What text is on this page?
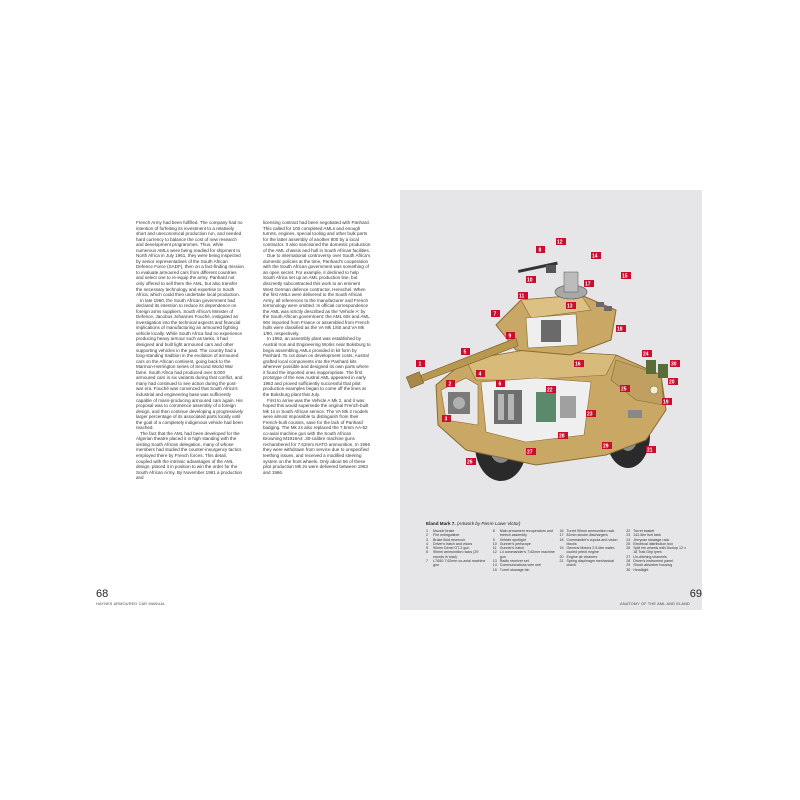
French Army had been fulfilled. The company had no intention of forfeiting its investment to a relatively short and uneconomical production run, and needed hard currency to balance the cost of new research and development programmes. Thus, while numerous AMLs were being readied for shipment to North Africa in July 1961, they were being inspected by senior representatives of the South African Defence Force (SADF), then on a fact-finding mission to evaluate armoured cars from different countries and select one to re-equip the army. Panhard not only offered to sell them the AML, but also transfer the necessary technology and expertise to South Africa, which could then undertake local production.

In late 1960, the South African government had declared its intention to reduce its dependence on foreign arms suppliers. South Africa's Minister of Defence, Jacobus Johannes Fouché, instigated an investigation into the technical aspects and financial implications of manufacturing an armoured fighting vehicle locally. While South Africa had no experience producing heavy armour such as tanks, it had designed and built light armoured cars and other supporting vehicles in the past. The country had a long-standing tradition in the evolution of armoured cars on the African continent, going back to the Marmon-Herrington series of Second World War fame. South Africa had produced over 5,000 armoured cars in six variants during that conflict, and many had continued to see action during the post-war era. Fouché was convinced that South Africa's industrial and engineering base was sufficiently capable of mass-producing armoured cars again. His proposal was to commence assembly of a foreign design, and then continue developing a progressively larger percentage of its associated parts locally until the goal of a completely indigenous vehicle had been reached.

The fact that the AML had been developed for the Algerian theatre placed it in high standing with the visiting South African delegation, many of whose members had studied the counter-insurgency tactics employed there by French forces. This detail, coupled with the intrinsic advantages of the AML design, placed it in position to win the order for the South African Army. By November 1961 a production and

licensing contract had been negotiated with Panhard. This called for 100 completed AMLs and enough turrets, engines, special tooling and other bulk parts for the latter assembly of another 800 by a local contractor. It also sanctioned the domestic production of the AML chassis and hull in South African facilities.

Due to international controversy over South Africa's domestic policies at the time, Panhard's cooperation with the South African government was something of an open secret. For example, it declined to help South Africa set up an AML production line, but discreetly subcontracted this work to an eminent West German defence contractor, Henschel. When the first AMLs were delivered to the South African Army, all references to the manufacturer and French terminology were omitted. In official correspondence the AML was strictly described as the 'Vehicle A' by the South African government: the AML 60s and AML 90s imported from France or assembled from French hulls were classified as the VA Mk 1/60 and VA Mk 1/90, respectively.

In 1962, an assembly plant was established by Austral Iron and Engineering Works near Boksburg to begin assembling AMLs provided in kit form by Panhard. To cut down on development costs, Austral grafted local components into the Panhard kits wherever possible and designed its own parts where it found the imported ones inappropriate. The first prototype of the new Austral AML appeared in early 1963 and proved sufficiently successful that pilot production examples began to come off the lines at the Boksburg plant that July.

First to arrive was the Vehicle A Mk 2, and it was hoped this would supersede the original French-built Mk 1s in South African service. The VA Mk 2 models were almost impossible to distinguish from their French-built cousins, save for the lack of Panhard badging. The Mk 2s also replaced the 7.5mm AA-52 co-axial machine gun with the South African Browning M1919A4 .30-calibre machine guns rechambered for 7.62mm NATO ammunition. In 1966 they were withdrawn from service due to unspecified teething issues, and received a modified steering system on the front wheels. Only about 56 of these pilot production Mk 2s were delivered between 1963 and 1966.

68
HAYNES ARMOURED CAR MANUAL
1
5
7
8
12
14
15
17
10
11
13
18
2
4
6
3
22
24
20
19
25
23
28
27
26
21
30
29
16
9
Eland Mark 7. (Artwork by Pierre Lowe Victor)
1	Muzzle brake
2	Fire extinguisher
3	Brake fluid reservoir
4	Driver's hatch and visors
5	90mm Denel GT-2 gun
6	90mm ammunition racks (29 rounds in total)
7	L7A50 7.62mm co-axial machine gun
8	Main armament recuperators and breech assembly
9	Vehicle spotlight
10 Gunner's periscope
11 Gunner's hatch
12 L4 commander's 7.62mm machine gun
13 Radio receiver set
14 Communications wire reel
15 Turret stowage bin
16 Turret 90mm ammunition rack
17 81mm smoke dischargers
18 Commander's cupola and vision blocks
19 General Motors 2.5-litre water-cooled petrol engine
20 Engine air cleaners
21 Spring diaphragm mechanical clutch
22 Turret basket
23 142-litre fuel tank
24 Jerrycan stowage rack
25 Electrical distribution box
26 Spill rim wheels with Dunlop 12 x 18 Trak Grip tyres
27 Un-ditching channels
28 Driver's instrument panel
29 Shock absorber housing
30 Headlight
69
ANATOMY OF THE AML AND ELAND
